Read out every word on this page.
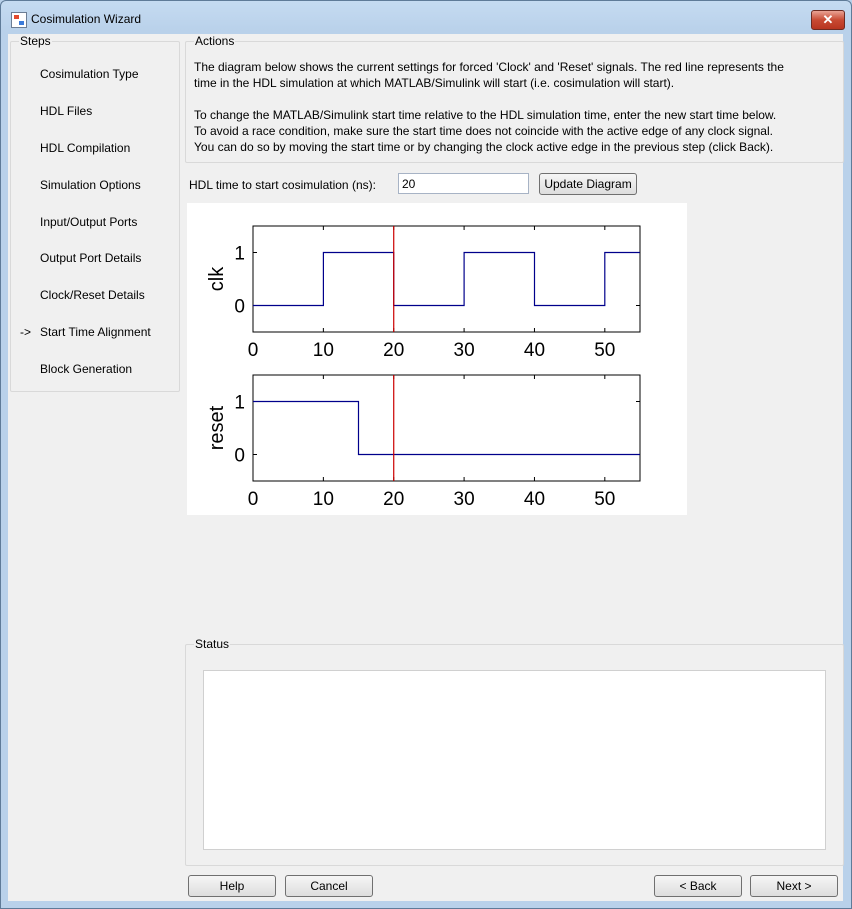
Cosimulation Wizard	✕
Steps
Cosimulation Type
HDL Files
HDL Compilation
Simulation Options
Input/Output Ports
Output Port Details
Clock/Reset Details
-> Start Time Alignment
Block Generation
Actions
The diagram below shows the current settings for forced 'Clock' and 'Reset' signals. The red line represents the
time in the HDL simulation at which MATLAB/Simulink will start (i.e. cosimulation will start).
To change the MATLAB/Simulink start time relative to the HDL simulation time, enter the new start time below.
To avoid a race condition, make sure the start time does not coincide with the active edge of any clock signal.
You can do so by moving the start time or by changing the clock active edge in the previous step (click Back).
HDL time to start cosimulation (ns):
20	Update Diagram
0	10	20	30	40	50
0
1
clk
0	10	20	30	40	50
0
1
reset
Status
Help	Cancel	< Back	Next >
